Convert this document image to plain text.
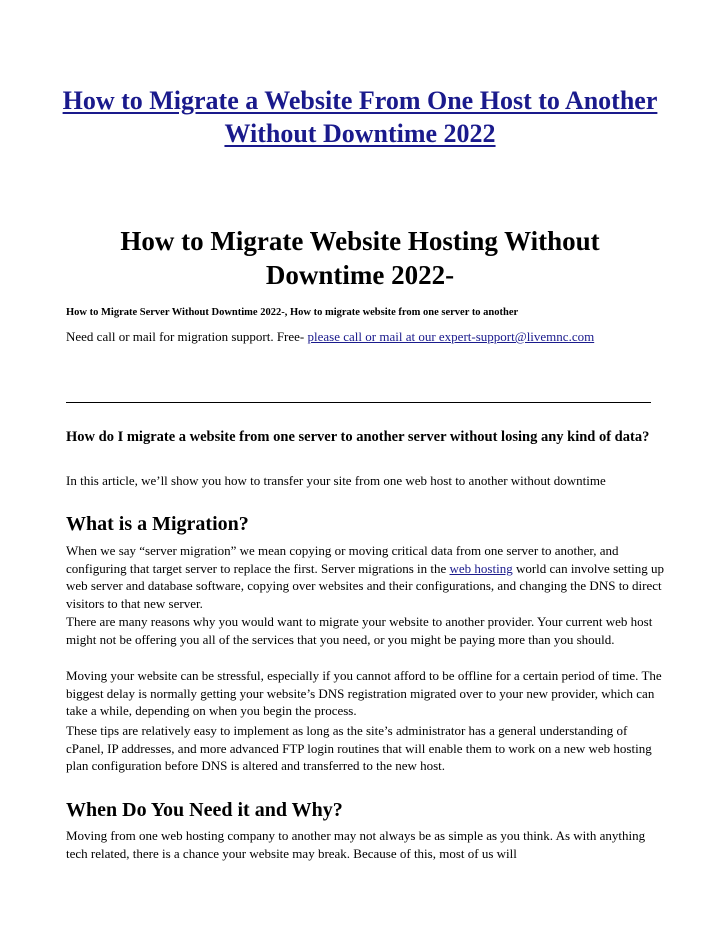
How to Migrate a Website From One Host to Another Without Downtime 2022
How to Migrate Website Hosting Without Downtime 2022-
How to Migrate Server Without Downtime 2022-, How to migrate website from one server to another
Need call or mail for migration support. Free- please call or mail at our expert-support@livemnc.com
How do I migrate a website from one server to another server without losing any kind of data?
In this article, we’ll show you how to transfer your site from one web host to another without downtime
What is a Migration?
When we say “server migration” we mean copying or moving critical data from one server to another, and configuring that target server to replace the first. Server migrations in the web hosting world can involve setting up web server and database software, copying over websites and their configurations, and changing the DNS to direct visitors to that new server.
There are many reasons why you would want to migrate your website to another provider. Your current web host might not be offering you all of the services that you need, or you might be paying more than you should.
Moving your website can be stressful, especially if you cannot afford to be offline for a certain period of time. The biggest delay is normally getting your website’s DNS registration migrated over to your new provider, which can take a while, depending on when you begin the process.
These tips are relatively easy to implement as long as the site’s administrator has a general understanding of cPanel, IP addresses, and more advanced FTP login routines that will enable them to work on a new web hosting plan configuration before DNS is altered and transferred to the new host.
When Do You Need it and Why?
Moving from one web hosting company to another may not always be as simple as you think. As with anything tech related, there is a chance your website may break. Because of this, most of us will
